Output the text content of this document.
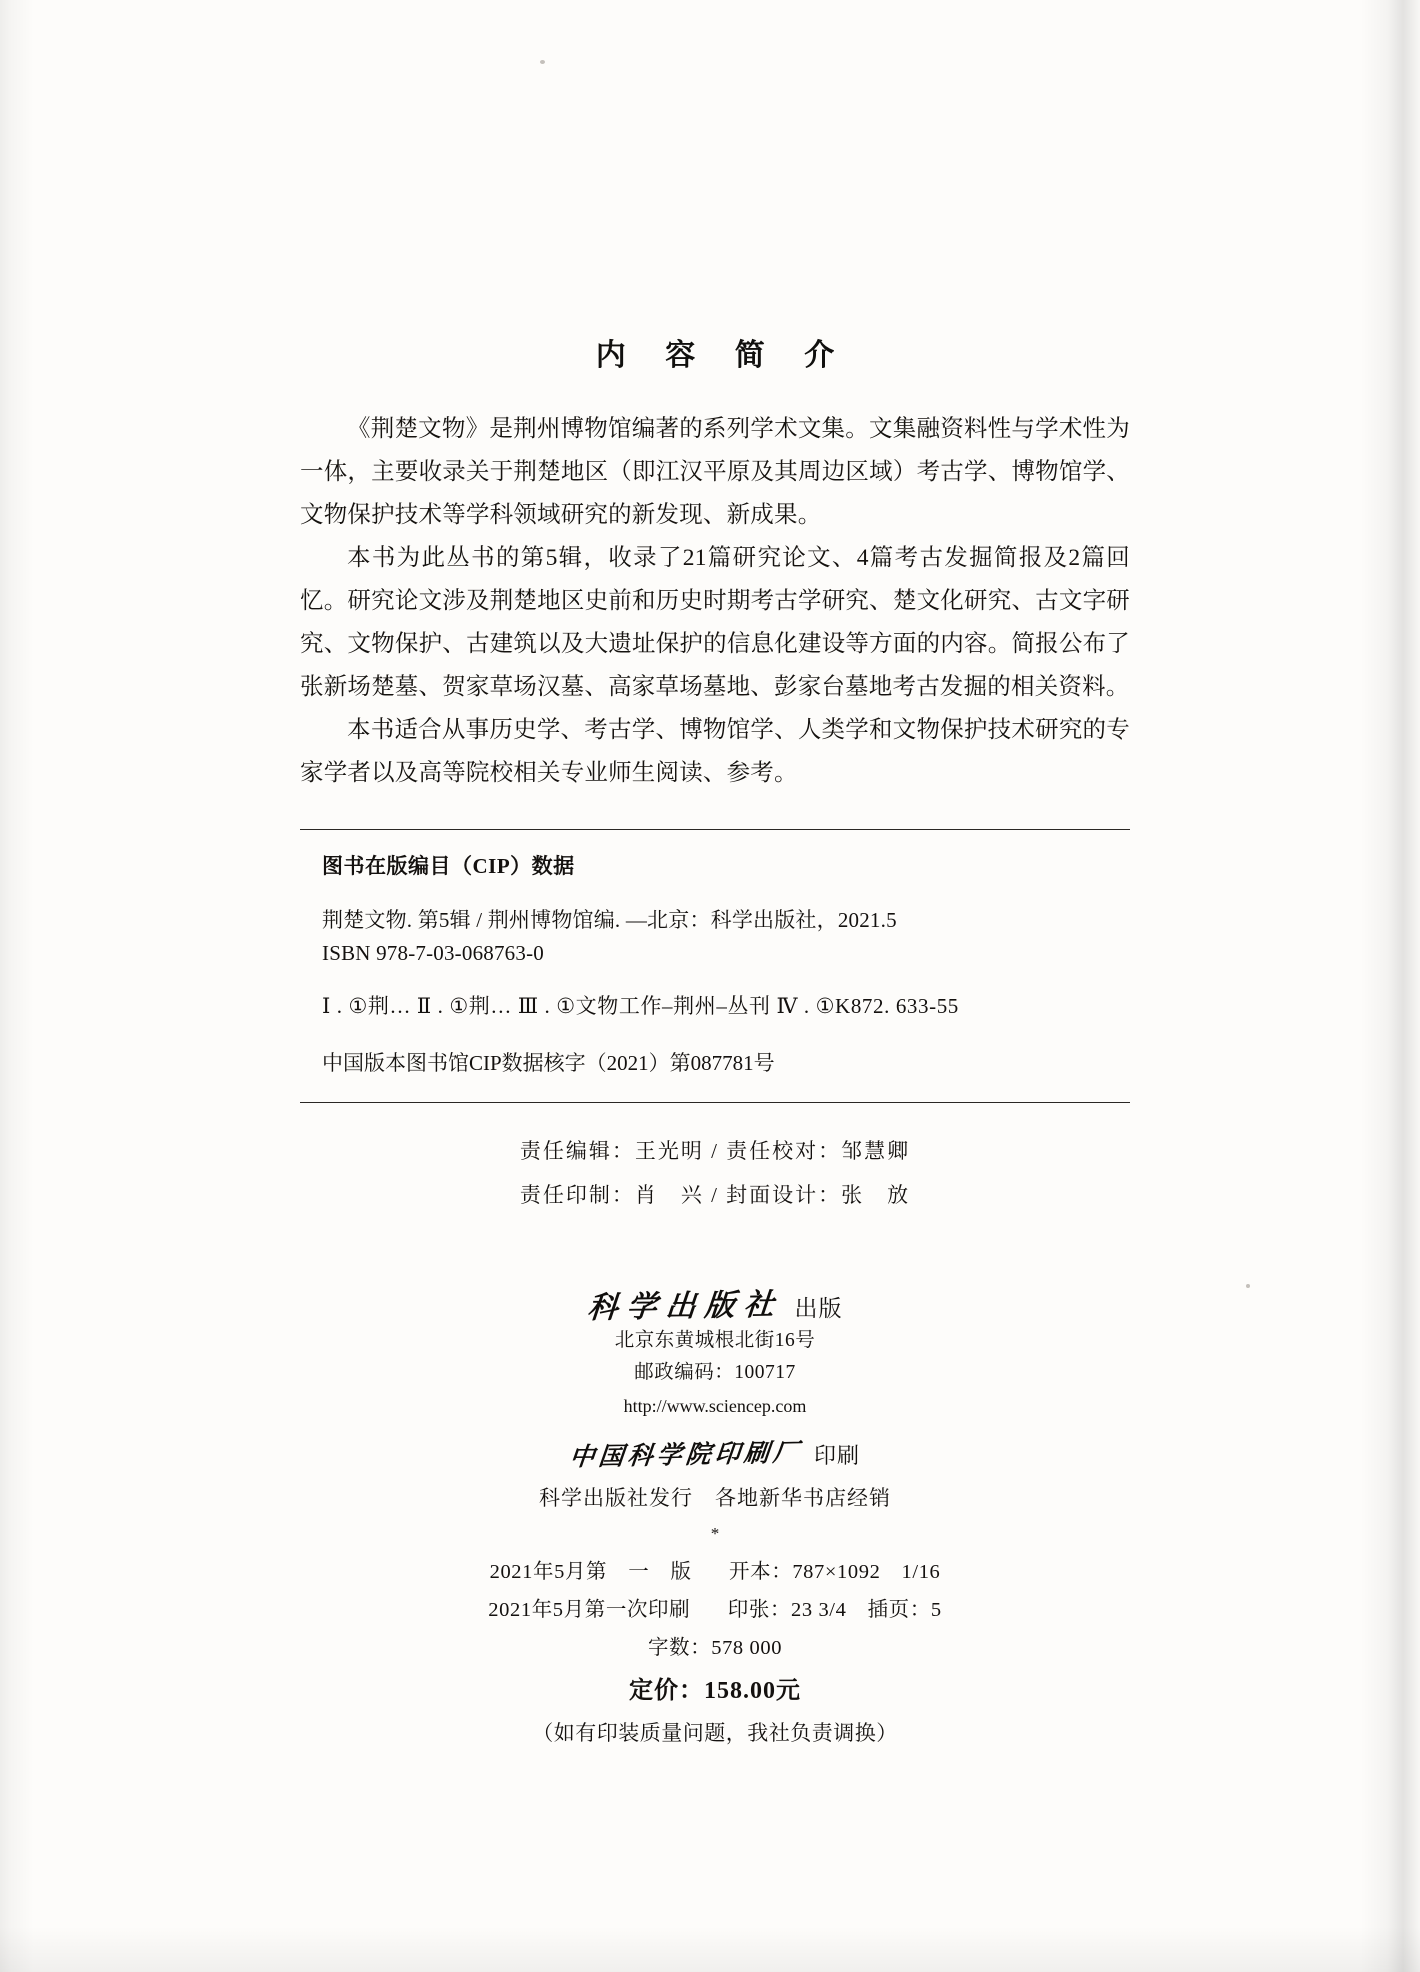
内 容 简 介

《荆楚文物》是荆州博物馆编著的系列学术文集。文集融资料性与学术性为一体，主要收录关于荆楚地区（即江汉平原及其周边区域）考古学、博物馆学、文物保护技术等学科领域研究的新发现、新成果。

本书为此丛书的第5辑，收录了21篇研究论文、4篇考古发掘简报及2篇回忆。研究论文涉及荆楚地区史前和历史时期考古学研究、楚文化研究、古文字研究、文物保护、古建筑以及大遗址保护的信息化建设等方面的内容。简报公布了张新场楚墓、贺家草场汉墓、高家草场墓地、彭家台墓地考古发掘的相关资料。

本书适合从事历史学、考古学、博物馆学、人类学和文物保护技术研究的专家学者以及高等院校相关专业师生阅读、参考。

图书在版编目（CIP）数据
荆楚文物. 第5辑 / 荆州博物馆编. —北京：科学出版社，2021.5
ISBN 978-7-03-068763-0
Ⅰ . ①荆… Ⅱ . ①荆… Ⅲ . ①文物工作–荆州–丛刊 Ⅳ . ①K872. 633-55
中国版本图书馆CIP数据核字（2021）第087781号
责任编辑：王光明 / 责任校对：邹慧卿
责任印制：肖　兴 / 封面设计：张　放
科学出版社 出版
北京东黄城根北街16号
邮政编码：100717
http://www.sciencep.com
中国科学院印刷厂 印刷
科学出版社发行　各地新华书店经销
*
2021年5月第　一　版 开本：787×1092　1/16
2021年5月第一次印刷 印张：23 3/4　插页：5
字数：578 000
定价：158.00元
（如有印装质量问题，我社负责调换）
